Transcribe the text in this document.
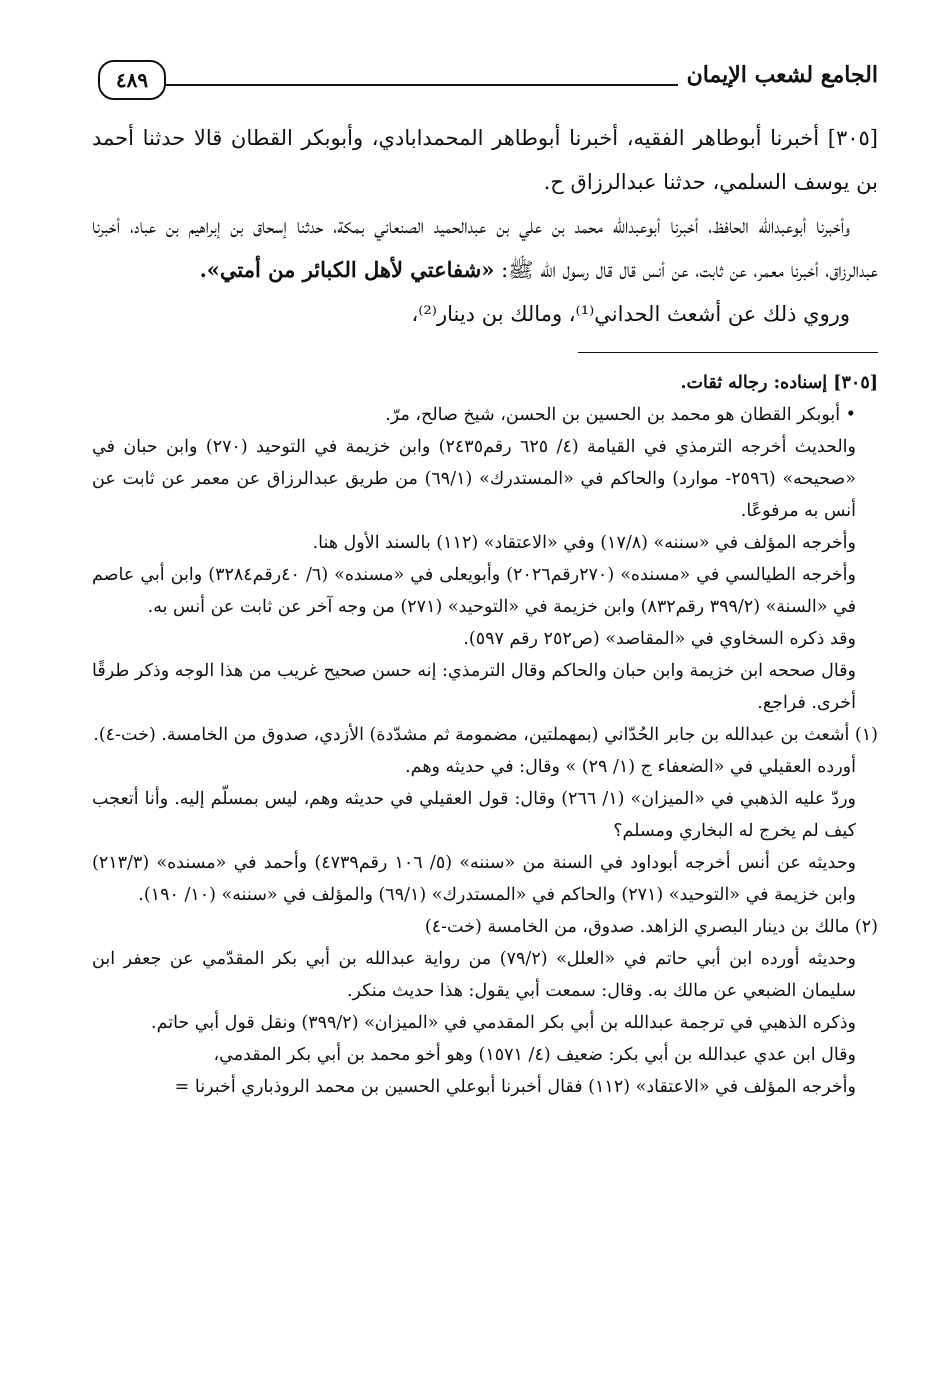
الجامع لشعب الإيمان
٤٨٩

[٣٠٥] أخبرنا أبوطاهر الفقيه، أخبرنا أبوطاهر المحمدابادي، وأبوبكر القطان قالا حدثنا أحمد بن يوسف السلمي، حدثنا عبدالرزاق ح.

وأخبرنا أبوعبدالله الحافظ، أخبرنا أبوعبدالله محمد بن علي بن عبدالحميد الصنعاني بمكة، حدثنا إسحاق بن إبراهيم بن عباد، أخبرنا عبدالرزاق، أخبرنا معمر، عن ثابت، عن أنس قال قال رسول الله ﷺ: «شفاعتي لأهل الكبائر من أمتي».

وروي ذلك عن أشعث الحداني⁽¹⁾، ومالك بن دينار⁽²⁾،

[٣٠٥] إسناده: رجاله ثقات.

• أبوبكر القطان هو محمد بن الحسين بن الحسن، شيخ صالح، مرّ.

والحديث أخرجه الترمذي في القيامة (٤/ ٦٢٥ رقم٢٤٣٥) وابن خزيمة في التوحيد (٢٧٠) وابن حبان في «صحيحه» (٢٥٩٦- موارد) والحاكم في «المستدرك» (٦٩/١) من طريق عبدالرزاق عن معمر عن ثابت عن أنس به مرفوعًا.

وأخرجه المؤلف في «سننه» (١٧/٨) وفي «الاعتقاد» (١١٢) بالسند الأول هنا.

وأخرجه الطيالسي في «مسنده» (٢٧٠رقم٢٠٢٦) وأبويعلى في «مسنده» (٦/ ٤٠رقم٣٢٨٤) وابن أبي عاصم في «السنة» (٣٩٩/٢ رقم٨٣٢) وابن خزيمة في «التوحيد» (٢٧١) من وجه آخر عن ثابت عن أنس به.

وقد ذكره السخاوي في «المقاصد» (ص٢٥٢ رقم ٥٩٧).

وقال صححه ابن خزيمة وابن حبان والحاكم وقال الترمذي: إنه حسن صحيح غريب من هذا الوجه وذكر طرقًا أخرى. فراجع.

(١) أشعث بن عبدالله بن جابر الحُدّاني (بمهملتين، مضمومة ثم مشدّدة) الأزدي، صدوق من الخامسة. (خت-٤).

أورده العقيلي في «الضعفاء ج (١/ ٢٩) » وقال: في حديثه وهم.

وردّ عليه الذهبي في «الميزان» (١/ ٢٦٦) وقال: قول العقيلي في حديثه وهم، ليس بمسلّم إليه. وأنا أتعجب كيف لم يخرج له البخاري ومسلم؟

وحديثه عن أنس أخرجه أبوداود في السنة من «سننه» (٥/ ١٠٦ رقم٤٧٣٩) وأحمد في «مسنده» (٢١٣/٣) وابن خزيمة في «التوحيد» (٢٧١) والحاكم في «المستدرك» (٦٩/١) والمؤلف في «سننه» (١٠/ ١٩٠).

(٢) مالك بن دينار البصري الزاهد. صدوق، من الخامسة (خت-٤)

وحديثه أورده ابن أبي حاتم في «العلل» (٧٩/٢) من رواية عبدالله بن أبي بكر المقدّمي عن جعفر ابن سليمان الضبعي عن مالك به. وقال: سمعت أبي يقول: هذا حديث منكر.

وذكره الذهبي في ترجمة عبدالله بن أبي بكر المقدمي في «الميزان» (٣٩٩/٢) ونقل قول أبي حاتم.

وقال ابن عدي عبدالله بن أبي بكر: ضعيف (٤/ ١٥٧١) وهو أخو محمد بن أبي بكر المقدمي،

وأخرجه المؤلف في «الاعتقاد» (١١٢) فقال أخبرنا أبوعلي الحسين بن محمد الروذباري أخبرنا =
